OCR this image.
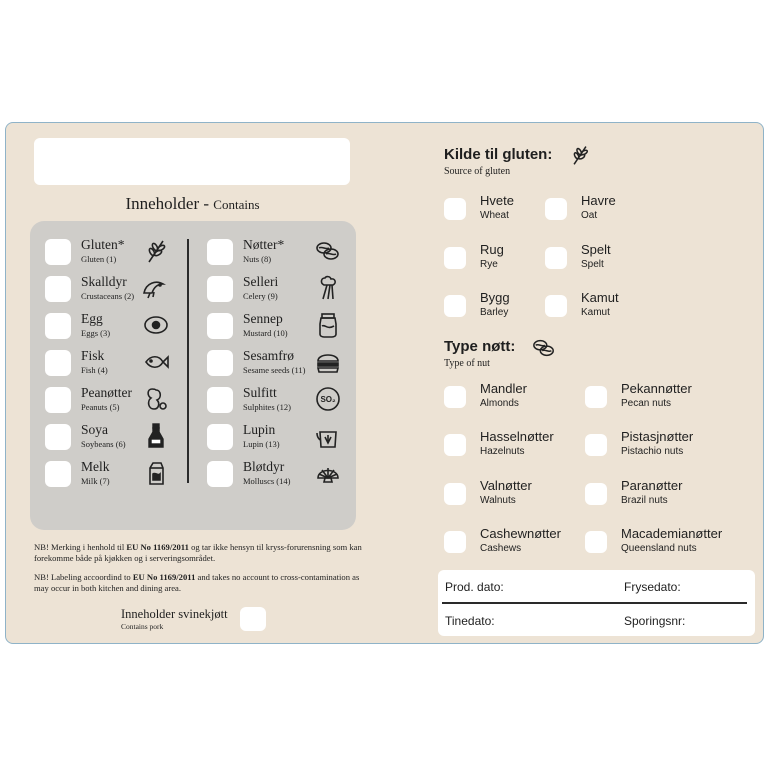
Inneholder - Contains
Gluten*
Gluten (1)
Skalldyr
Crustaceans (2)
Egg
Eggs (3)
Fisk
Fish (4)
Peanøtter
Peanuts (5)
Soya
Soybeans (6)
Melk
Milk (7)
Nøtter*
Nuts (8)
Selleri
Celery (9)
Sennep
Mustard (10)
Sesamfrø
Sesame seeds (11)
Sulfitt
Sulphites (12)
SO₂
Lupin
Lupin (13)
Bløtdyr
Molluscs (14)
NB! Merking i henhold til EU No 1169/2011 og tar ikke hensyn til kryss-forurensning som kan forekomme både på kjøkken og i serveringsområdet.
NB! Labeling accoordind to EU No 1169/2011 and takes no account to cross-contamination as may occur in both kitchen and dining area.
Inneholder svinekjøtt
Contains pork
Kilde til gluten:
Source of gluten
Hvete
Wheat
Havre
Oat
Rug
Rye
Spelt
Spelt
Bygg
Barley
Kamut
Kamut
Type nøtt:
Type of nut
Mandler
Almonds
Pekannøtter
Pecan nuts
Hasselnøtter
Hazelnuts
Pistasjnøtter
Pistachio nuts
Valnøtter
Walnuts
Paranøtter
Brazil nuts
Cashewnøtter
Cashews
Macademianøtter
Queensland nuts
Prod. dato:	Frysedato:
Tinedato:	Sporingsnr:
